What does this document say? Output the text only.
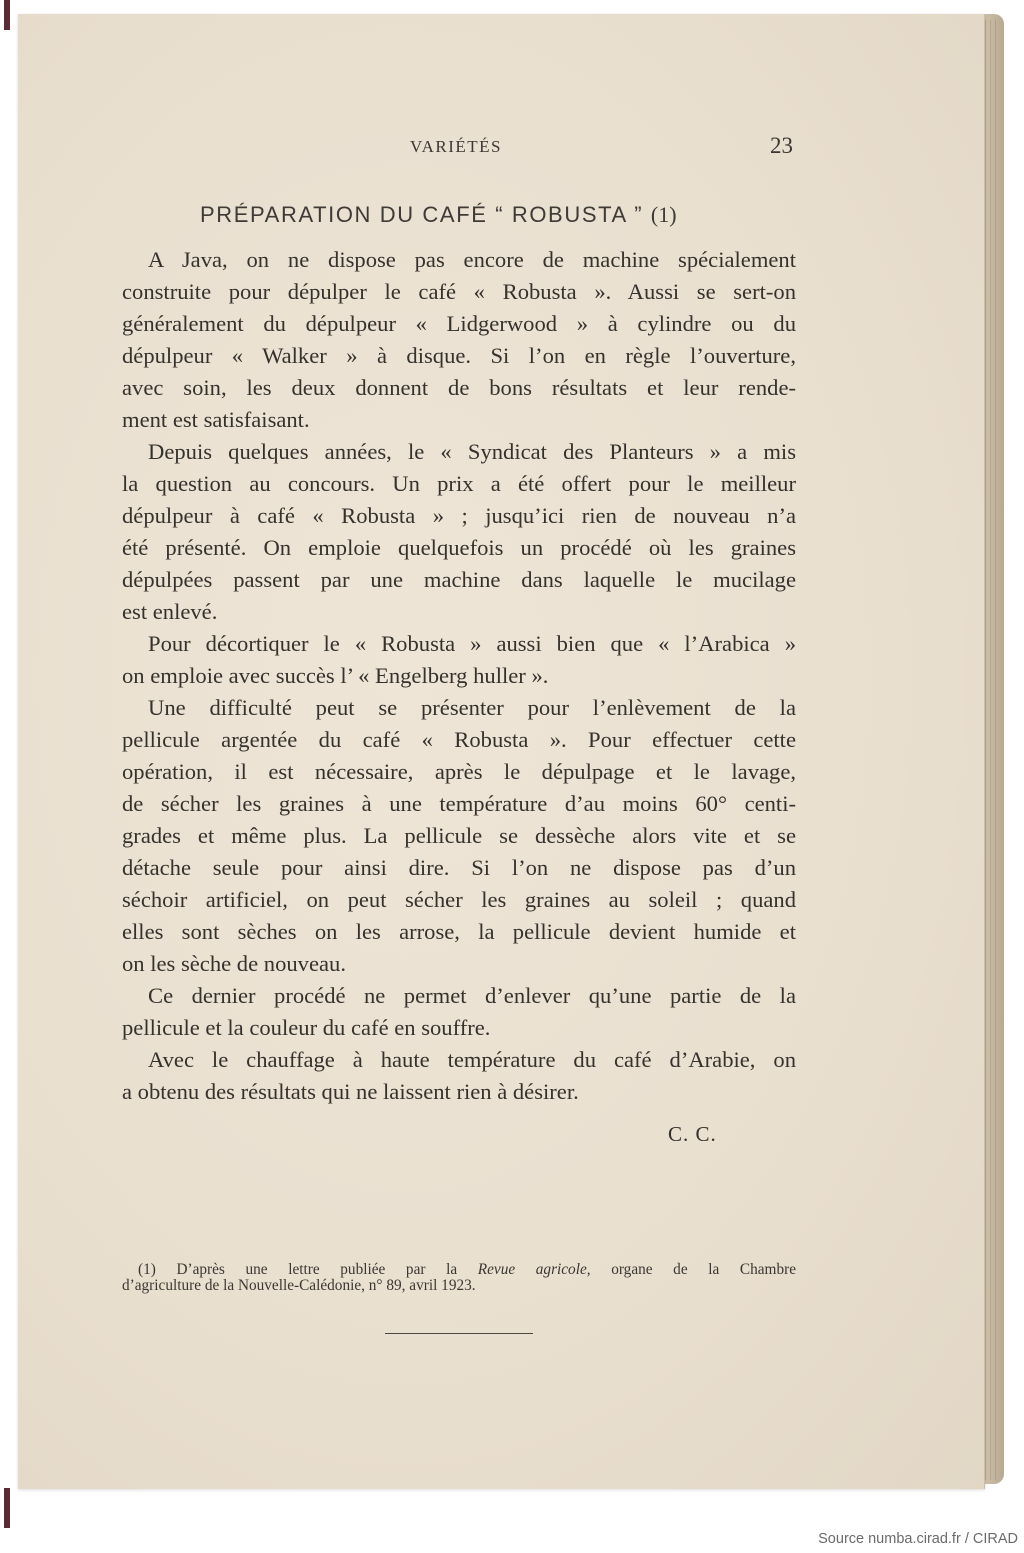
VARIÉTÉS	23
PRÉPARATION DU CAFÉ “ ROBUSTA ” (1)
A Java, on ne dispose pas encore de machine spécialement
construite pour dépulper le café « Robusta ». Aussi se sert-on
généralement du dépulpeur « Lidgerwood » à cylindre ou du
dépulpeur « Walker » à disque. Si l’on en règle l’ouverture,
avec soin, les deux donnent de bons résultats et leur rende-
ment est satisfaisant.
Depuis quelques années, le « Syndicat des Planteurs » a mis
la question au concours. Un prix a été offert pour le meilleur
dépulpeur à café « Robusta » ; jusqu’ici rien de nouveau n’a
été présenté. On emploie quelquefois un procédé où les graines
dépulpées passent par une machine dans laquelle le mucilage
est enlevé.
Pour décortiquer le « Robusta » aussi bien que « l’Arabica »
on emploie avec succès l’ « Engelberg huller ».
Une difficulté peut se présenter pour l’enlèvement de la
pellicule argentée du café « Robusta ». Pour effectuer cette
opération, il est nécessaire, après le dépulpage et le lavage,
de sécher les graines à une température d’au moins 60° centi-
grades et même plus. La pellicule se dessèche alors vite et se
détache seule pour ainsi dire. Si l’on ne dispose pas d’un
séchoir artificiel, on peut sécher les graines au soleil ; quand
elles sont sèches on les arrose, la pellicule devient humide et
on les sèche de nouveau.
Ce dernier procédé ne permet d’enlever qu’une partie de la
pellicule et la couleur du café en souffre.
Avec le chauffage à haute température du café d’Arabie, on
a obtenu des résultats qui ne laissent rien à désirer.
C. C.
(1) D’après une lettre publiée par la Revue agricole, organe de la Chambre
d’agriculture de la Nouvelle-Calédonie, n° 89, avril 1923.
Source numba.cirad.fr / CIRAD
